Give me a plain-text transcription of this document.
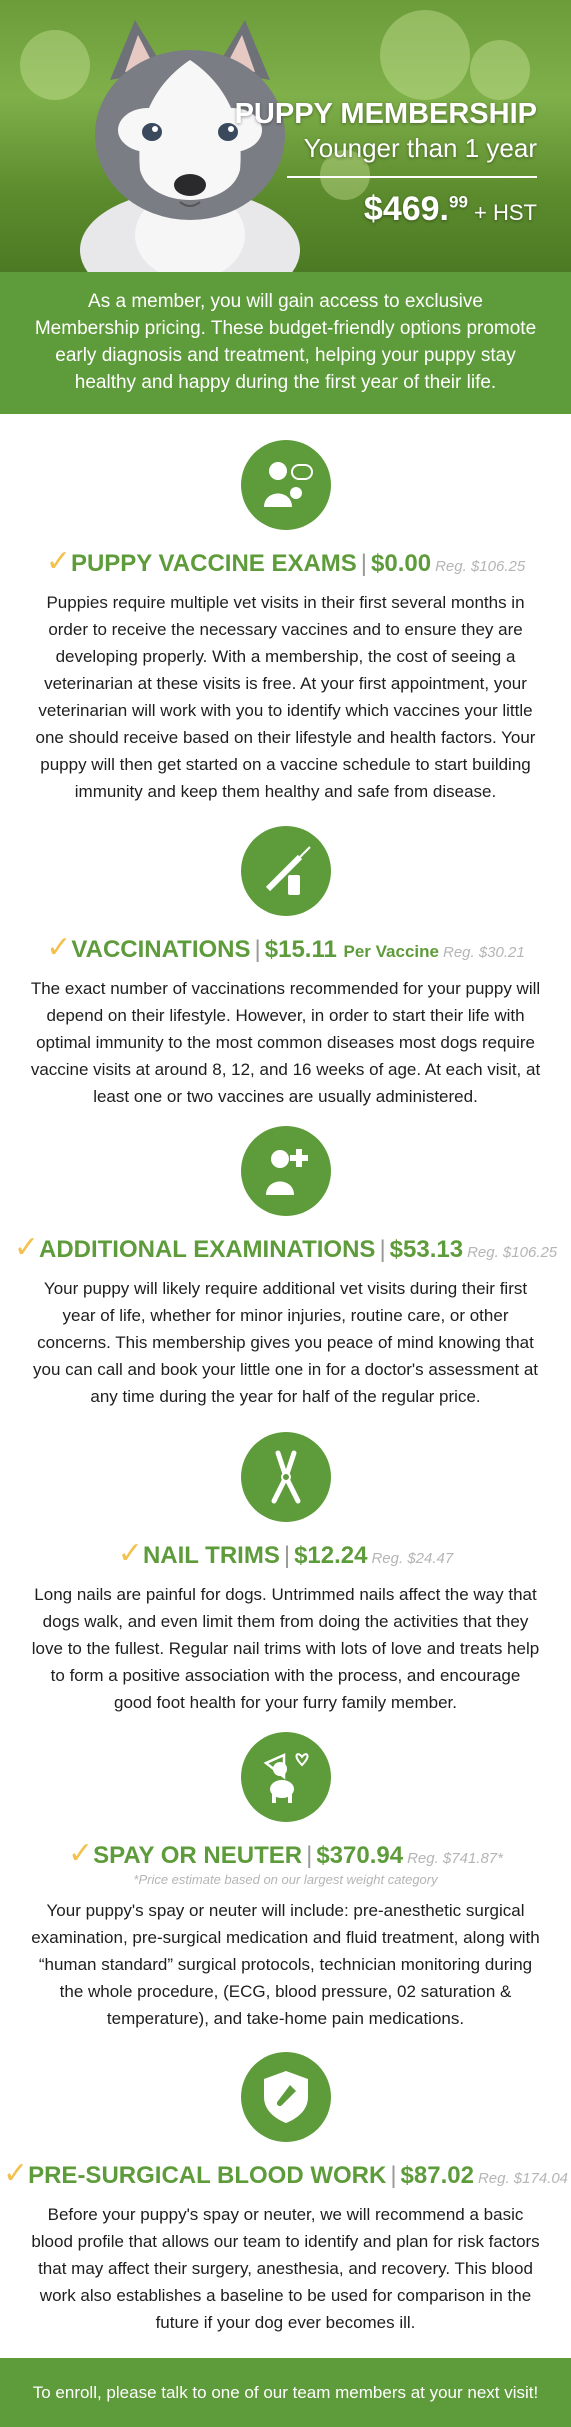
PUPPY MEMBERSHIP
Younger than 1 year
$469.99 + HST
As a member, you will gain access to exclusive Membership pricing. These budget-friendly options promote early diagnosis and treatment, helping your puppy stay healthy and happy during the first year of their life.
✓PUPPY VACCINE EXAMS | $0.00 Reg. $106.25
Puppies require multiple vet visits in their first several months in order to receive the necessary vaccines and to ensure they are developing properly. With a membership, the cost of seeing a veterinarian at these visits is free. At your first appointment, your veterinarian will work with you to identify which vaccines your little one should receive based on their lifestyle and health factors. Your puppy will then get started on a vaccine schedule to start building immunity and keep them healthy and safe from disease.
✓VACCINATIONS | $15.11 Per Vaccine Reg. $30.21
The exact number of vaccinations recommended for your puppy will depend on their lifestyle. However, in order to start their life with optimal immunity to the most common diseases most dogs require vaccine visits at around 8, 12, and 16 weeks of age. At each visit, at least one or two vaccines are usually administered.
✓ADDITIONAL EXAMINATIONS | $53.13 Reg. $106.25
Your puppy will likely require additional vet visits during their first year of life, whether for minor injuries, routine care, or other concerns. This membership gives you peace of mind knowing that you can call and book your little one in for a doctor's assessment at any time during the year for half of the regular price.
✓NAIL TRIMS | $12.24 Reg. $24.47
Long nails are painful for dogs. Untrimmed nails affect the way that dogs walk, and even limit them from doing the activities that they love to the fullest. Regular nail trims with lots of love and treats help to form a positive association with the process, and encourage good foot health for your furry family member.
✓SPAY OR NEUTER | $370.94 Reg. $741.87*
*Price estimate based on our largest weight category
Your puppy's spay or neuter will include: pre-anesthetic surgical examination, pre-surgical medication and fluid treatment, along with “human standard” surgical protocols, technician monitoring during the whole procedure, (ECG, blood pressure, 02 saturation & temperature), and take-home pain medications.
✓PRE-SURGICAL BLOOD WORK | $87.02 Reg. $174.04
Before your puppy's spay or neuter, we will recommend a basic blood profile that allows our team to identify and plan for risk factors that may affect their surgery, anesthesia, and recovery. This blood work also establishes a baseline to be used for comparison in the future if your dog ever becomes ill.
To enroll, please talk to one of our team members at your next visit!
